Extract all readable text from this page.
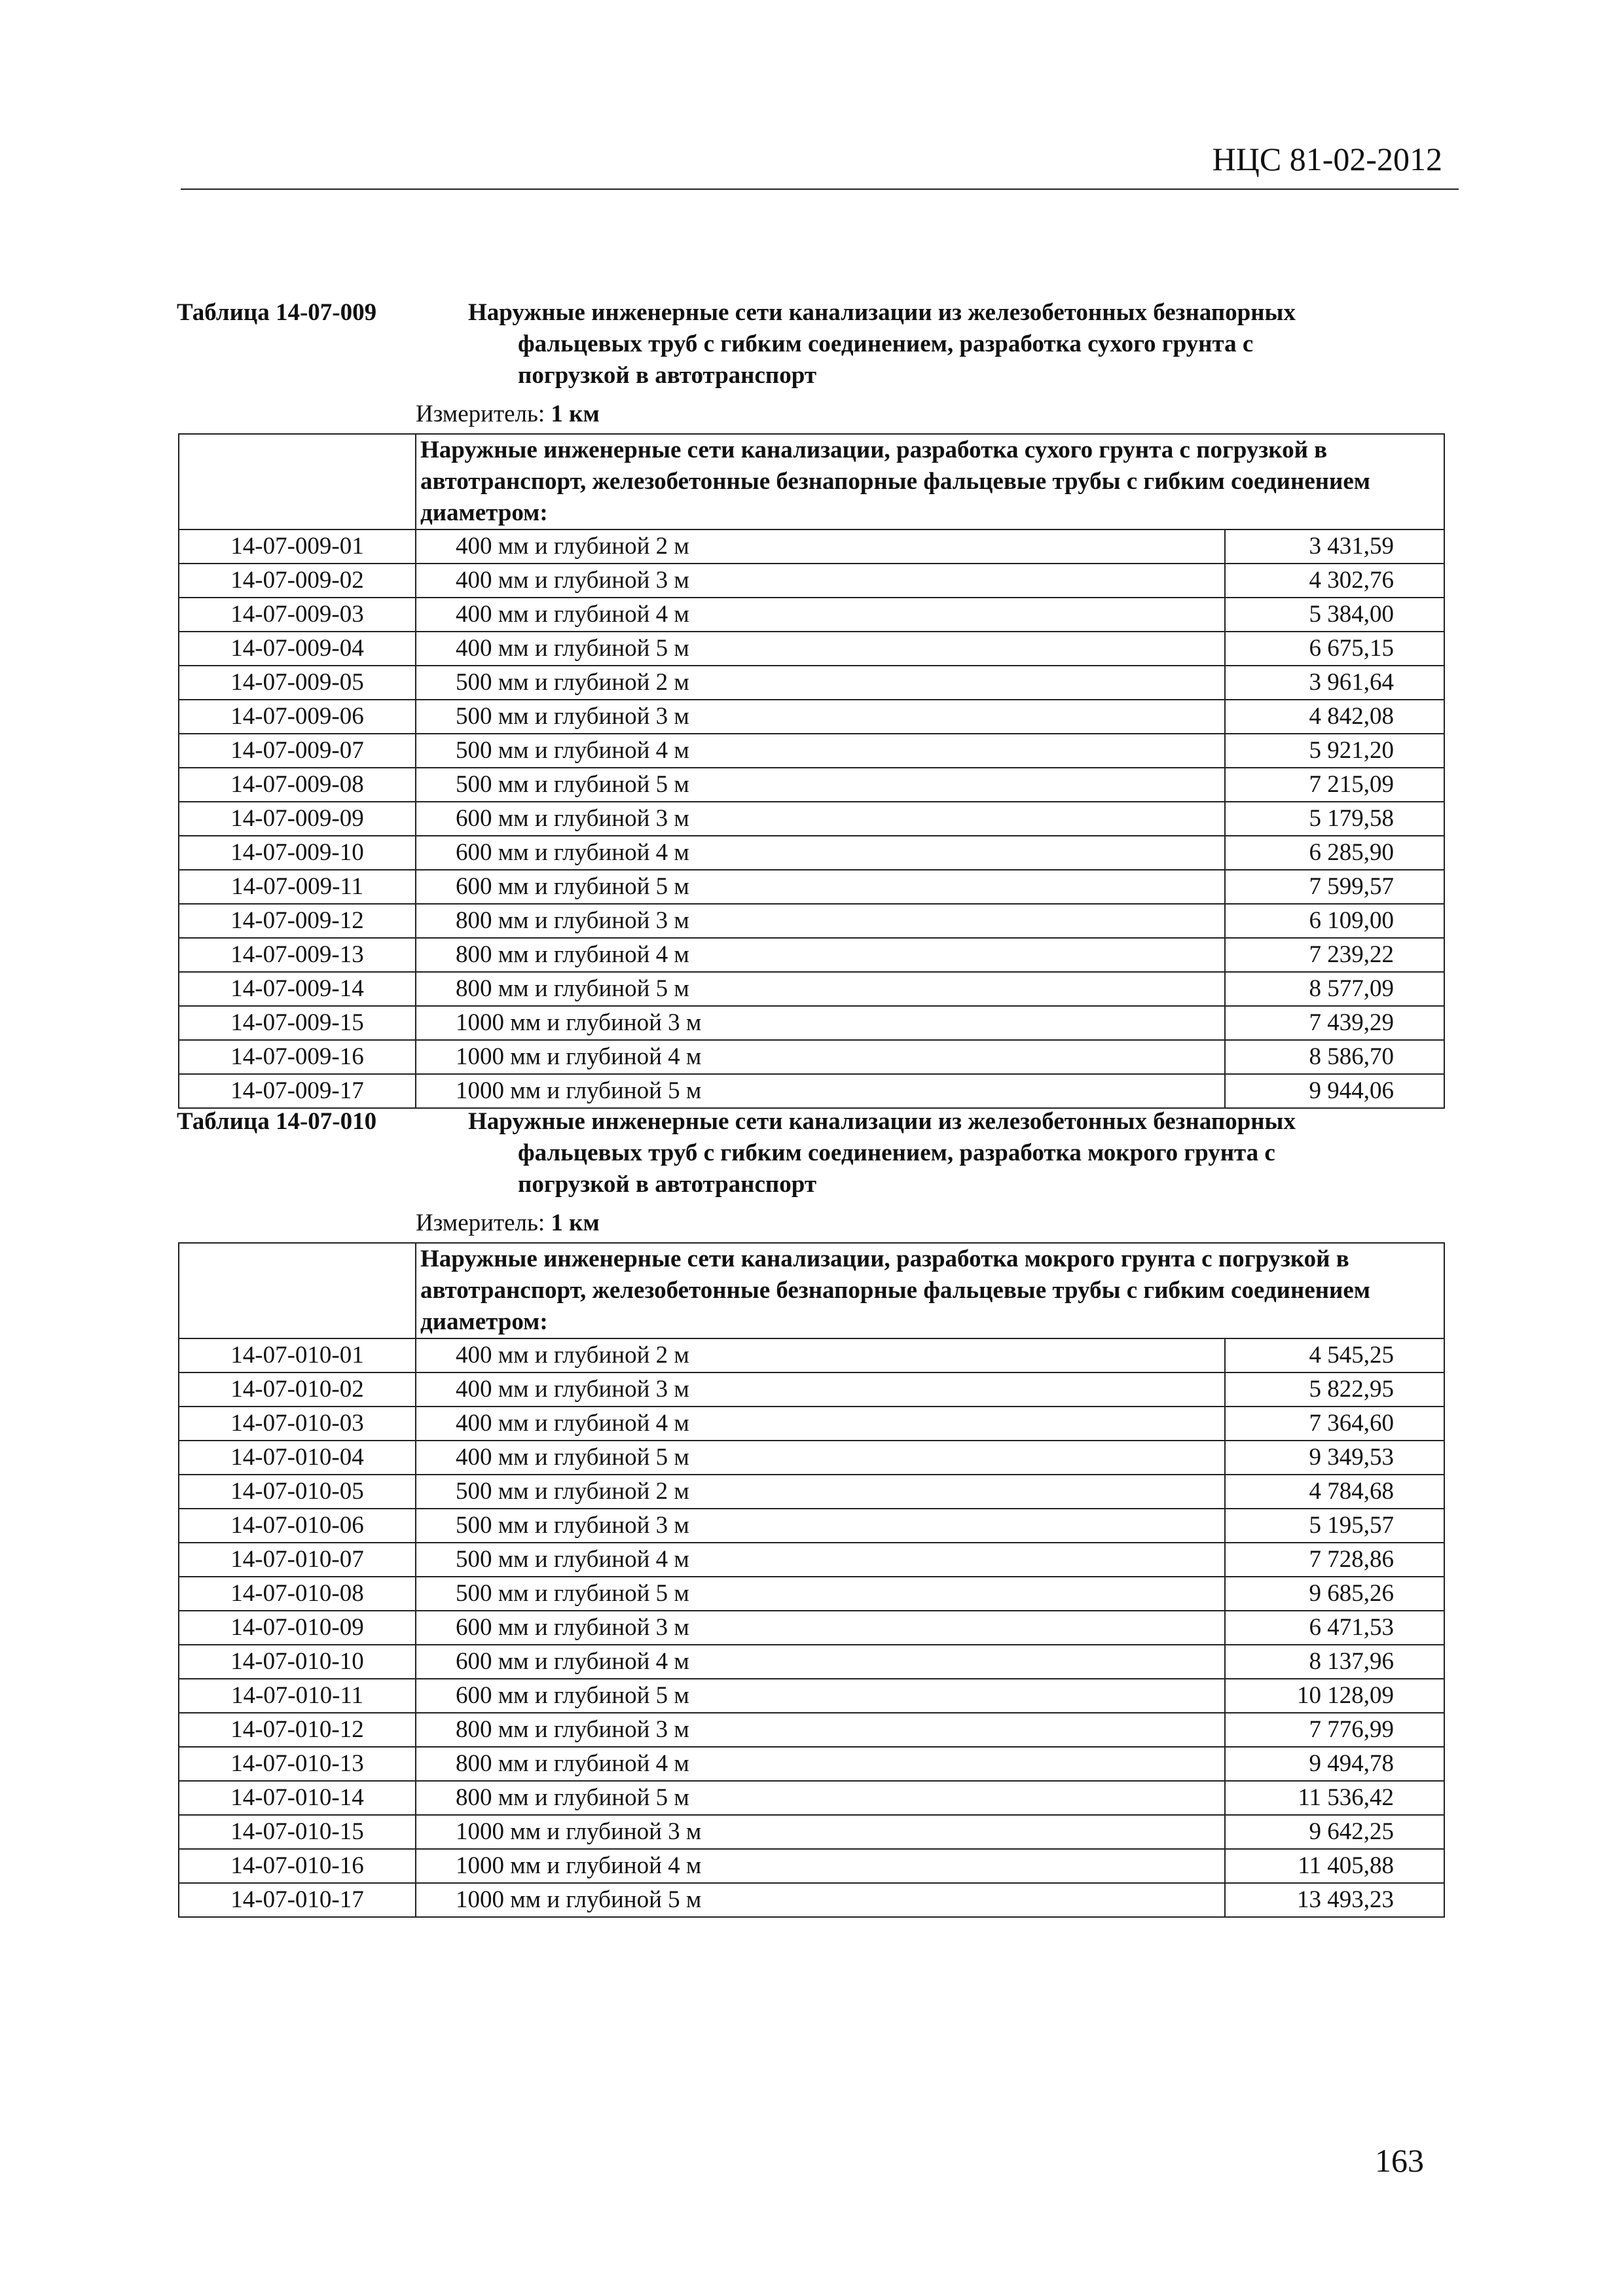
НЦС 81-02-2012
Таблица 14-07-009	Наружные инженерные сети канализации из железобетонных безнапорных
фальцевых труб с гибким соединением, разработка сухого грунта с
погрузкой в автотранспорт
Измеритель: 1 км
	Наружные инженерные сети канализации, разработка сухого грунта с погрузкой в автотранспорт, железобетонные безнапорные фальцевые трубы с гибким соединением диаметром:	
14-07-009-01	400 мм и глубиной 2 м	3 431,59
14-07-009-02	400 мм и глубиной 3 м	4 302,76
14-07-009-03	400 мм и глубиной 4 м	5 384,00
14-07-009-04	400 мм и глубиной 5 м	6 675,15
14-07-009-05	500 мм и глубиной 2 м	3 961,64
14-07-009-06	500 мм и глубиной 3 м	4 842,08
14-07-009-07	500 мм и глубиной 4 м	5 921,20
14-07-009-08	500 мм и глубиной 5 м	7 215,09
14-07-009-09	600 мм и глубиной 3 м	5 179,58
14-07-009-10	600 мм и глубиной 4 м	6 285,90
14-07-009-11	600 мм и глубиной 5 м	7 599,57
14-07-009-12	800 мм и глубиной 3 м	6 109,00
14-07-009-13	800 мм и глубиной 4 м	7 239,22
14-07-009-14	800 мм и глубиной 5 м	8 577,09
14-07-009-15	1000 мм и глубиной 3 м	7 439,29
14-07-009-16	1000 мм и глубиной 4 м	8 586,70
14-07-009-17	1000 мм и глубиной 5 м	9 944,06
Таблица 14-07-010	Наружные инженерные сети канализации из железобетонных безнапорных
фальцевых труб с гибким соединением, разработка мокрого грунта с
погрузкой в автотранспорт
Измеритель: 1 км
	Наружные инженерные сети канализации, разработка мокрого грунта с погрузкой в автотранспорт, железобетонные безнапорные фальцевые трубы с гибким соединением диаметром:	
14-07-010-01	400 мм и глубиной 2 м	4 545,25
14-07-010-02	400 мм и глубиной 3 м	5 822,95
14-07-010-03	400 мм и глубиной 4 м	7 364,60
14-07-010-04	400 мм и глубиной 5 м	9 349,53
14-07-010-05	500 мм и глубиной 2 м	4 784,68
14-07-010-06	500 мм и глубиной 3 м	5 195,57
14-07-010-07	500 мм и глубиной 4 м	7 728,86
14-07-010-08	500 мм и глубиной 5 м	9 685,26
14-07-010-09	600 мм и глубиной 3 м	6 471,53
14-07-010-10	600 мм и глубиной 4 м	8 137,96
14-07-010-11	600 мм и глубиной 5 м	10 128,09
14-07-010-12	800 мм и глубиной 3 м	7 776,99
14-07-010-13	800 мм и глубиной 4 м	9 494,78
14-07-010-14	800 мм и глубиной 5 м	11 536,42
14-07-010-15	1000 мм и глубиной 3 м	9 642,25
14-07-010-16	1000 мм и глубиной 4 м	11 405,88
14-07-010-17	1000 мм и глубиной 5 м	13 493,23
163
